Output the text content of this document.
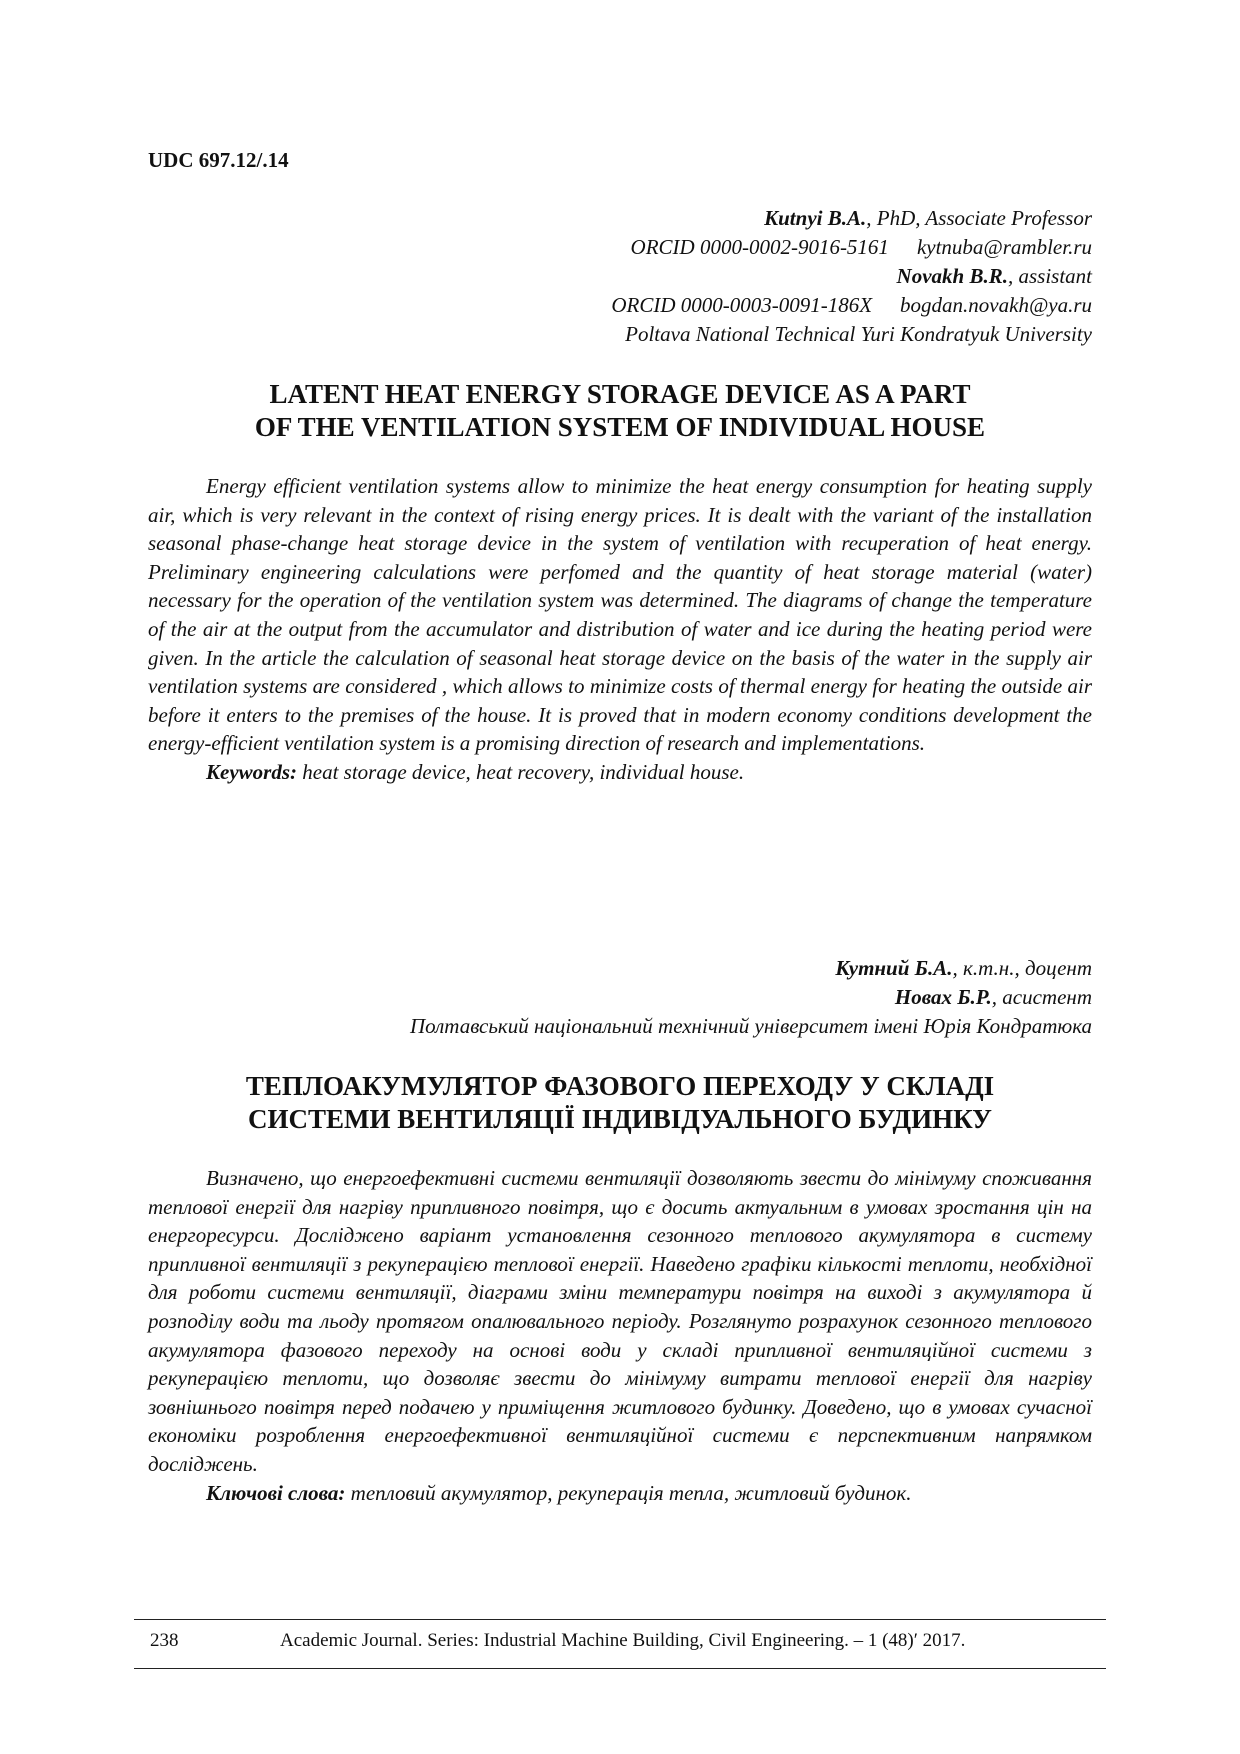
UDC 697.12/.14
Kutnyi B.A., PhD, Associate Professor
ORCID 0000-0002-9016-5161 kytnuba@rambler.ru
Novakh B.R., assistant
ORCID 0000-0003-0091-186X bogdan.novakh@ya.ru
Poltava National Technical Yuri Kondratyuk University
LATENT HEAT ENERGY STORAGE DEVICE AS A PART
OF THE VENTILATION SYSTEM OF INDIVIDUAL HOUSE

Energy efficient ventilation systems allow to minimize the heat energy consumption for heating supply air, which is very relevant in the context of rising energy prices. It is dealt with the variant of the installation seasonal phase-change heat storage device in the system of ventilation with recuperation of heat energy. Preliminary engineering calculations were perfomed and the quantity of heat storage material (water) necessary for the operation of the ventilation system was determined. The diagrams of change the temperature of the air at the output from the accumulator and distribution of water and ice during the heating period were given. In the article the calculation of seasonal heat storage device on the basis of the water in the supply air ventilation systems are considered , which allows to minimize costs of thermal energy for heating the outside air before it enters to the premises of the house. It is proved that in modern economy conditions development the energy-efficient ventilation system is a promising direction of research and implementations.

Keywords: heat storage device, heat recovery, individual house.

Кутний Б.А., к.т.н., доцент
Новах Б.Р., асистент
Полтавський національний технічний університет імені Юрія Кондратюка
ТЕПЛОАКУМУЛЯТОР ФАЗОВОГО ПЕРЕХОДУ У СКЛАДІ
СИСТЕМИ ВЕНТИЛЯЦІЇ ІНДИВІДУАЛЬНОГО БУДИНКУ

Визначено, що енергоефективні системи вентиляції дозволяють звести до мінімуму споживання теплової енергії для нагріву припливного повітря, що є досить актуальним в умовах зростання цін на енергоресурси. Досліджено варіант установлення сезонного теплового акумулятора в систему припливної вентиляції з рекуперацією теплової енергії. Наведено графіки кількості теплоти, необхідної для роботи системи вентиляції, діаграми зміни температури повітря на виході з акумулятора й розподілу води та льоду протягом опалювального періоду. Розглянуто розрахунок сезонного теплового акумулятора фазового переходу на основі води у складі припливної вентиляційної системи з рекуперацією теплоти, що дозволяє звести до мінімуму витрати теплової енергії для нагріву зовнішнього повітря перед подачею у приміщення житлового будинку. Доведено, що в умовах сучасної економіки розроблення енергоефективної вентиляційної системи є перспективним напрямком досліджень.

Ключові слова: тепловий акумулятор, рекуперація тепла, житловий будинок.

238	Academic Journal. Series: Industrial Machine Building, Civil Engineering. – 1 (48)′ 2017.
